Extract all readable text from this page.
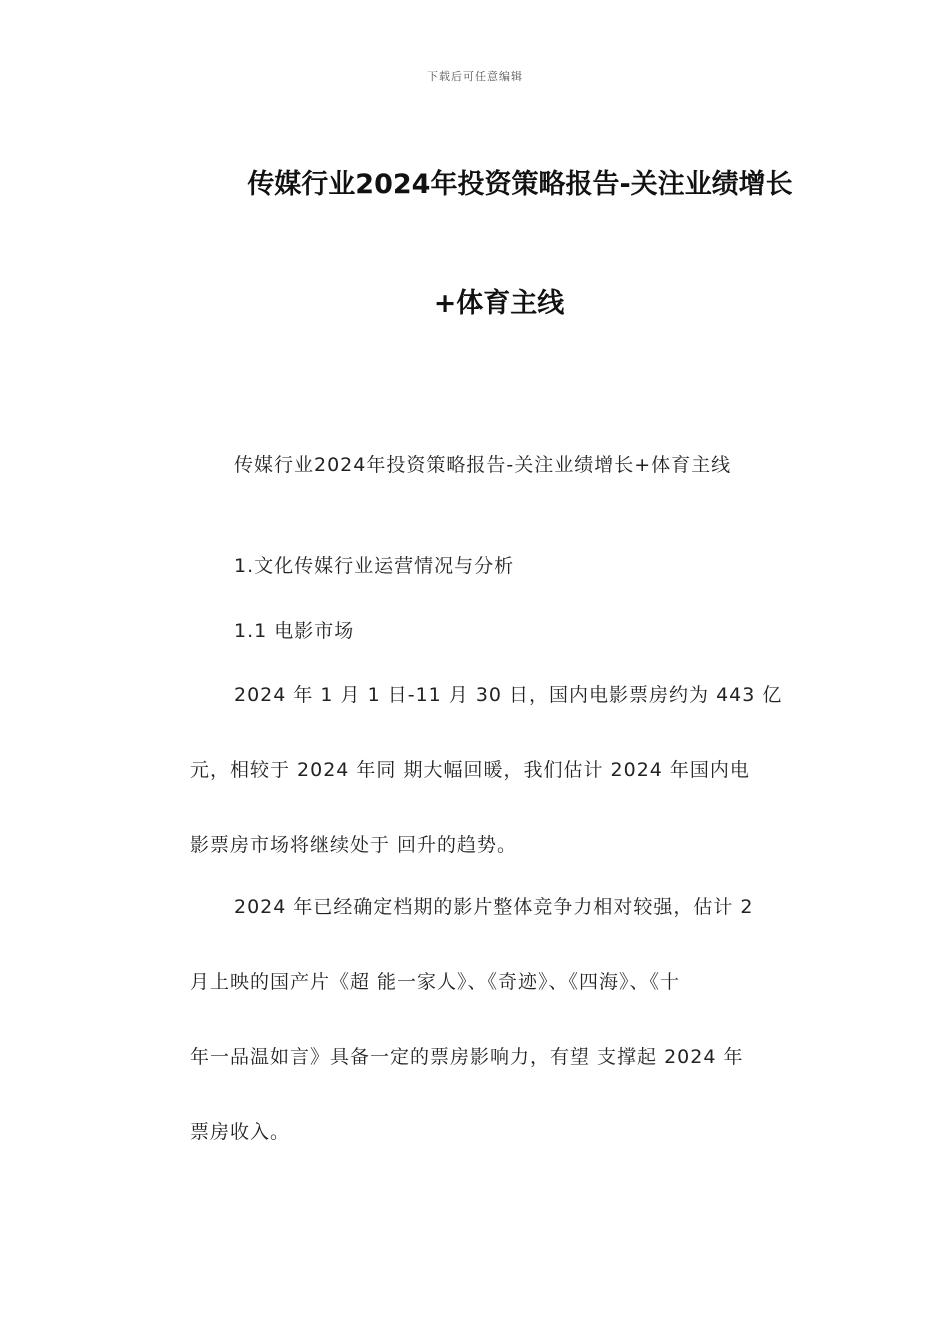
下载后可任意编辑
传媒行业2024年投资策略报告-关注业绩增长
+体育主线
传媒行业2024年投资策略报告-关注业绩增长+体育主线
1.文化传媒行业运营情况与分析
1.1 电影市场
2024 年 1 月 1 日-11 月 30 日，国内电影票房约为 443 亿
元，相较于 2024 年同 期大幅回暖，我们估计 2024 年国内电
影票房市场将继续处于 回升的趋势。
2024 年已经确定档期的影片整体竞争力相对较强，估计 2
月上映的国产片《超 能一家人》、《奇迹》、《四海》、《十
年一品温如言》具备一定的票房影响力，有望 支撑起 2024 年
票房收入。
